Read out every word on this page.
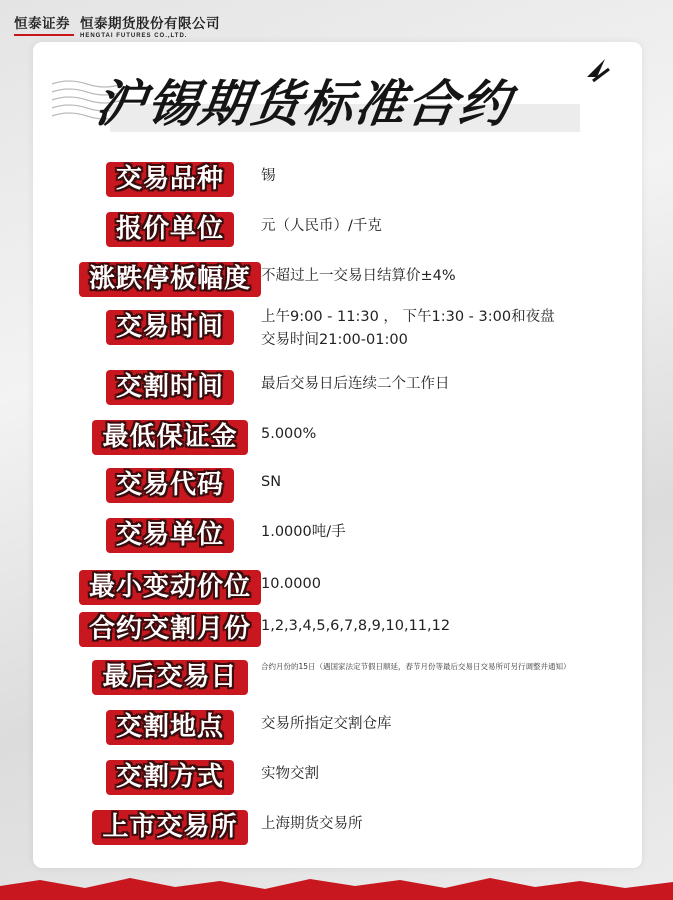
恒泰证券 恒泰期货股份有限公司
HENGTAI FUTURES CO.,LTD.
沪锡期货标准合约
交易品种	锡
报价单位	元（人民币）/千克
涨跌停板幅度 不超过上一交易日结算价±4%
交易时间	上午9:00 - 11:30 ， 下午1:30 - 3:00和夜盘
交易时间21:00-01:00
交割时间	最后交易日后连续二个工作日
最低保证金	5.000%
交易代码	SN
交易单位	1.0000吨/手
最小变动价位 10.0000
合约交割月份 1,2,3,4,5,6,7,8,9,10,11,12
最后交易日	合约月份的15日（遇国家法定节假日顺延，春节月份等最后交易日交易所可另行调整并通知）
交割地点	交易所指定交割仓库
交割方式	实物交割
上市交易所	上海期货交易所
